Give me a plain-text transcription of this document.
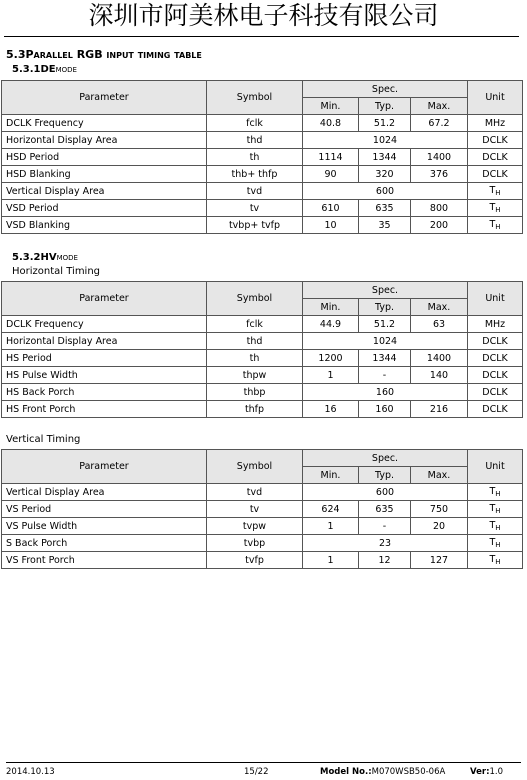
深圳市阿美林电子科技有限公司
5.3Parallel RGB input timing table
5.3.1DEmode
Parameter	Symbol	Spec.			Unit
		Min.	Typ.	Max.	
DCLK Frequency	fclk	40.8	51.2	67.2	MHz
Horizontal Display Area	thd	1024			DCLK
HSD Period	th	1114	1344	1400	DCLK
HSD Blanking	thb+ thfp	90	320	376	DCLK
Vertical Display Area	tvd	600			$T_H$
VSD Period	tv	610	635	800	$T_H$
VSD Blanking	tvbp+ tvfp	10	35	200	$T_H$
5.3.2HVmode
Horizontal Timing
Parameter	Symbol	Spec.			Unit
		Min.	Typ.	Max.	
DCLK Frequency	fclk	44.9	51.2	63	MHz
Horizontal Display Area	thd	1024			DCLK
HS Period	th	1200	1344	1400	DCLK
HS Pulse Width	thpw	1	-	140	DCLK
HS Back Porch	thbp	160			DCLK
HS Front Porch	thfp	16	160	216	DCLK
Vertical Timing
Parameter	Symbol	Spec.			Unit
		Min.	Typ.	Max.	
Vertical Display Area	tvd	600			$T_H$
VS Period	tv	624	635	750	$T_H$
VS Pulse Width	tvpw	1	-	20	$T_H$
S Back Porch	tvbp	23			$T_H$
VS Front Porch	tvfp	1	12	127	$T_H$
2014.10.13	15/22	Model No.:M070WSB50-06A	Ver:1.0
